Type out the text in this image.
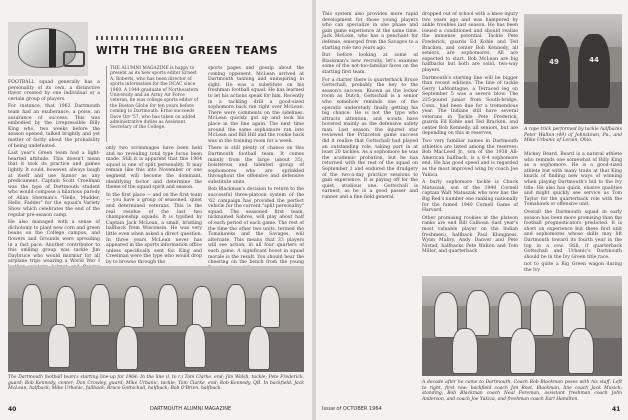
WITH THE BIG GREEN TEAMS

FOOTBALL squad generally has a personality of its own, a distinctive flavor created by one individual or a certain group of players.

For instance, that 1962 Dartmouth team had an exuberance, a poise, an assurance of success. This was embodied by the irrepressible Billy King who, two weeks before the season opened, talked brightly and yet matter of factly about the probability of being undefeated.

Last year's Green team had a light-hearted attitude. This doesn't mean that it took its practice and games lightly. It could, however, always laugh at itself and use humor as any predicament. Captain Scott Creelman was the type of Dartmouth student who would compose a hilarious parody of Allan Sherman's "Hello, Mudder, Hello, Fadder" for the squad's Variety Show which celebrates the end of the regular pre-season camp.

He also managed with a sense of dichotomy to plant new corn and green beans on the College campus, and flowers and Grounds were spreading in a fast pace. Another contributor to this smiling group was tackle Jim Daybruce who would murmur for all airplane trips wearing a World War I

THE ALUMNI MAGAZINE is happy to present as its new sports editor Ernest A. Roberts, who has been director of sports information for the DCAC since 1960. A 1944 graduate of Northeastern University and an Army Air Force veteran, he was college sports editor of the Boston Globe for ten years before coming to Dartmouth. Ernie succeeds Dave Orr '57, who has taken on added administrative duties as Assistant Secretary of the College.

only two scrimmages have been held and no revealing total type focus been made. Still it is apparent that this 1964 squad is one of split personality. It may remain like this into November or one segment will become the dominant, identifying factor and determine the theme of the squad spirit and season.

In the first place — and on the first team — you have a group of seasoned, quiet and determined veterans. This is the real residue of the last two championship squads. It is typified by Captain Jack McLean, a small, bristling halfback from Wisconsin. He was very little even when asked a direct question. In three years McLean never has appeared in the sports information office unless specifically sent for. King and Creelman were the type who would drop by to browse through the

sports pages and gossip about the coming opponent. McLean arrived at Dartmouth tanning and uninspiring in sight. He was a substitute on his freshman football squad. He has learned to let his actions speak for him. Recently in a tackling drill a good-sized sophomore back ran right over McLean. There were comments on the sidelines. McLean quickly got up and took his place in the line again. The next time around the same sophomore ran into McLean and Bill Hill and the rookie back was in the training room for a week.

There is still plenty of chance on this Dartmouth football team. It comes mainly from the large (about 35), boisterous and talented group of sophomores who are sprinkled throughout the offensive and defensive substitute units.

Bob Blackman's decision to return to the successful three-platoon system of the '62 campaign has provided the perfect vehicle for the current "split personality" squad. The seasoned first team, nicknamed Sabres, will play about half of each period of each game. The rest of the time the other two units, termed the Tomahawks and the Savages, will alternate. This means that 33 players will see action, in all four quarters of each game. A significant boost in squad morale is the result. You should hear the cheering on the bench from the young

The Dartmouth football team's starting line-up for 1964: In the line (l. to r.) Tom Clarke, end; Jim Walsh, tackle; Pete Frederick, guard; Bob Kennedy, center; Don Crowley, guard; Mike Urbanic, tackle; Tom Clarke, end; Bob Kennedy, QB. In backfield: Jack McLean, halfback; Mike Urbanic, fullback; Bruce Gottschall, halfback; Bob O'Brien, halfback.
40	DARTMOUTH ALUMNI MAGAZINE

This system also provides more rapid development for those young players who can specialize in one phase and gain game experience at the same time. Jack McLean, who has a penchant for defense, emerged from the Savages to a starting role two years ago.

But before looking at some of Blackman's new recruits, let's examine some of the not-too-familiar faces on the starting first team.

For a starter there is quarterback Bruce Gottschall, probably the key to the season's success. Known as the locker room as Dutch, Gottschall is a senior who somehow reminds one of the operatic understudy finally getting his big chance. He is not the type who attracts attention, and scouts have hovered mainly as the defensive safety man. Last season, the injured star reviewed the Princeton game success did it realize that Gottschall had played an outstanding role, taking part in at least 20 tackles. As a sophomore he was the academic probation, but he has returned with the rest of the squad on September 1 and endured the drudgery of the two-a-day practice sessions to gain experience. It is paying off for the quiet, studious one. Gottschall is earnest, as he is a good passer and runner and a fine field general.

dropped out of school with a knee injury two years ago and was hampered by ankle troubles last season. He has been issued a conditioned and should realize the immense potential. Tackle Pete Frederick, guards Ed Kohle and Ted Bracken, and center Bob Kennedy, all seniors, are sophomores. All are expected to start. Bob McLean are big halfbacks but both are solid, two-way players.

Dartmouth's starting line will be bigger than recent editions. The line of tackle Gerry LaMontagne, a Terraced leg on September 5 was a severe blow. The 225-pound junior from South-bridge, Conn., had been due for a tremendous year. The Indians still have several veterans in Tackle Pete Frederick, guards Ed Kohle and Ted Bracken, and center Bob Kennedy, all seniors, but are depending on this in reserves.

Two very familiar names in Dartmouth athletics are listed among the reserves: Bob MacLeod Jr., son of the 1938 All-American halfback, is a 6-4 sophomore end. He has good speed and is regarded as the most improved wing by coach Joe Yukica.

A burly sophomore tackle is Chuck Matuszak, son of the 1940 Cornell captain Walt Matuszak who now has the Big Red's number one ranking nationally for the famed 1940 Cornell Game of Harvard.

Other promising rookies at the platoon ranks are end Bill Calhoun (last year's most valuable player on the Indian freshmen), halfback Paul Klungness, Wynn Mabry, Andy Danver and Pete Nistad, halfbacks Pete Walton and Tom Miller, and quarterback

49	44
A rope trick performed by tackle halfbacks Peter Walton (49) of Johnstown, Pa., and Mike Urbanic of Lorain, Ohio.

Mickey Beard. Beard is a natural athlete who reminds one somewhat of Billy King as a sophomore. He is a good-sized athlete but with many traits at that King knack of finding new ways of winning when playing Dartmouth's bid to the Ivy title. He also has quick, elusive qualities and might quickly see service as Tom Taylor for the quarterback role with the Tomahawk or offensive unit.

Overall the Dartmouth squad in early season has been more promising than the football prognosticators predicted. It is short on experience but these first unit and sophomores whose skills may lift Dartmouth toward its fourth year in the top in a row. Still, if quarterback Gottschall and Urbanic's Dartmouth should be in the Ivy Green title race.

not to quite a Big Green wagon during the Ivy

A decade after he came to Dartmouth, Coach Bob Blackman poses with his staff. Left to right, first row: backfield coach Jim Root, Blackman, line coach Jack Musick; standing, Bob Blackman coach Neal Foreman, assistant freshman coach John Anderson, and coach Joe Yukica, and freshman coach Earl Hamilton.
Issue of OCTOBER 1964	41
